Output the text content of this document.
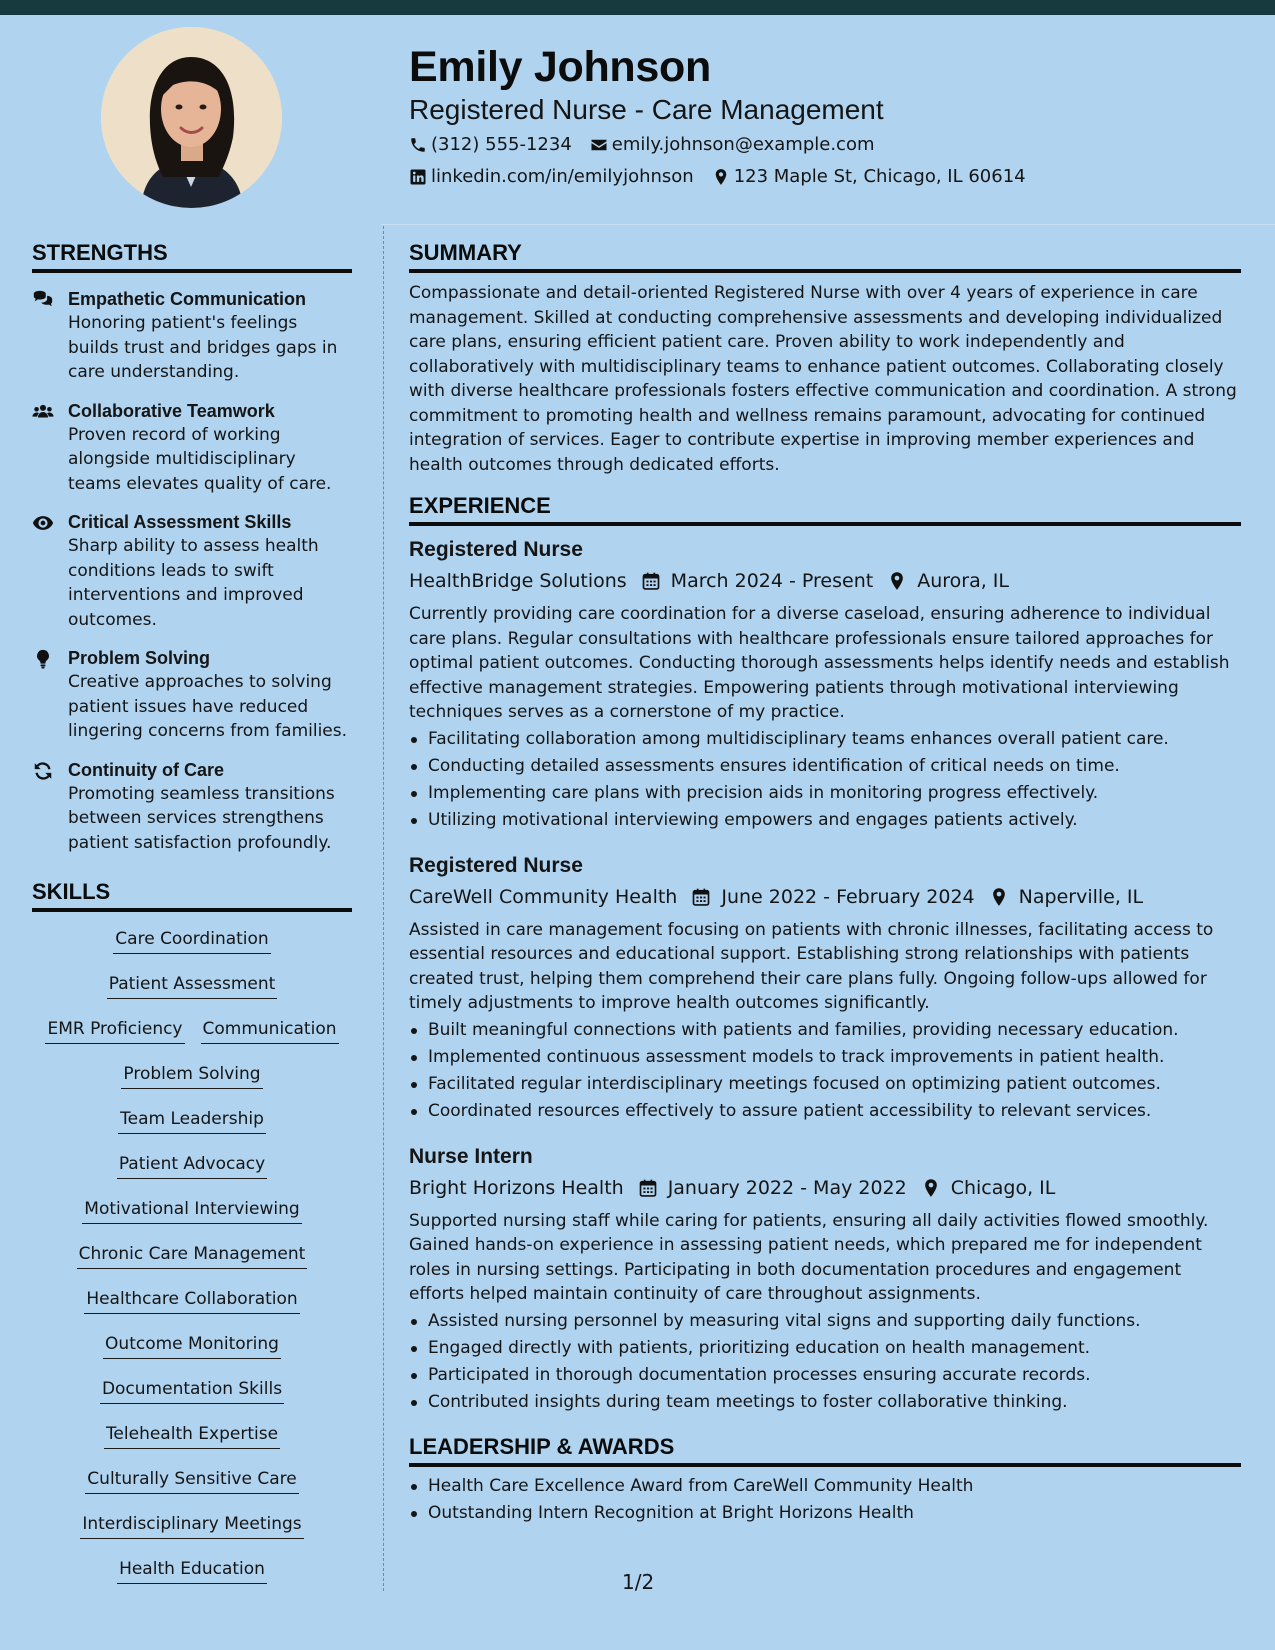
Emily Johnson
Registered Nurse - Care Management
(312) 555-1234 emily.johnson@example.com
linkedin.com/in/emilyjohnson 123 Maple St, Chicago, IL 60614
STRENGTHS
Empathetic Communication
Honoring patient's feelings builds trust and bridges gaps in care understanding.
Collaborative Teamwork
Proven record of working alongside multidisciplinary teams elevates quality of care.
Critical Assessment Skills
Sharp ability to assess health conditions leads to swift interventions and improved outcomes.
Problem Solving
Creative approaches to solving patient issues have reduced lingering concerns from families.
Continuity of Care
Promoting seamless transitions between services strengthens patient satisfaction profoundly.
SKILLS
Care Coordination
Patient Assessment
EMR Proficiency Communication
Problem Solving
Team Leadership
Patient Advocacy
Motivational Interviewing
Chronic Care Management
Healthcare Collaboration
Outcome Monitoring
Documentation Skills
Telehealth Expertise
Culturally Sensitive Care
Interdisciplinary Meetings
Health Education
SUMMARY
Compassionate and detail-oriented Registered Nurse with over 4 years of experience in care management. Skilled at conducting comprehensive assessments and developing individualized care plans, ensuring efficient patient care. Proven ability to work independently and collaboratively with multidisciplinary teams to enhance patient outcomes. Collaborating closely with diverse healthcare professionals fosters effective communication and coordination. A strong commitment to promoting health and wellness remains paramount, advocating for continued integration of services. Eager to contribute expertise in improving member experiences and health outcomes through dedicated efforts.
EXPERIENCE
Registered Nurse
HealthBridge Solutions March 2024 - Present Aurora, IL
Currently providing care coordination for a diverse caseload, ensuring adherence to individual care plans. Regular consultations with healthcare professionals ensure tailored approaches for optimal patient outcomes. Conducting thorough assessments helps identify needs and establish effective management strategies. Empowering patients through motivational interviewing techniques serves as a cornerstone of my practice.
Facilitating collaboration among multidisciplinary teams enhances overall patient care.
Conducting detailed assessments ensures identification of critical needs on time.
Implementing care plans with precision aids in monitoring progress effectively.
Utilizing motivational interviewing empowers and engages patients actively.
Registered Nurse
CareWell Community Health June 2022 - February 2024 Naperville, IL
Assisted in care management focusing on patients with chronic illnesses, facilitating access to essential resources and educational support. Establishing strong relationships with patients created trust, helping them comprehend their care plans fully. Ongoing follow-ups allowed for timely adjustments to improve health outcomes significantly.
Built meaningful connections with patients and families, providing necessary education.
Implemented continuous assessment models to track improvements in patient health.
Facilitated regular interdisciplinary meetings focused on optimizing patient outcomes.
Coordinated resources effectively to assure patient accessibility to relevant services.
Nurse Intern
Bright Horizons Health January 2022 - May 2022 Chicago, IL
Supported nursing staff while caring for patients, ensuring all daily activities flowed smoothly. Gained hands-on experience in assessing patient needs, which prepared me for independent roles in nursing settings. Participating in both documentation procedures and engagement efforts helped maintain continuity of care throughout assignments.
Assisted nursing personnel by measuring vital signs and supporting daily functions.
Engaged directly with patients, prioritizing education on health management.
Participated in thorough documentation processes ensuring accurate records.
Contributed insights during team meetings to foster collaborative thinking.
LEADERSHIP & AWARDS
Health Care Excellence Award from CareWell Community Health
Outstanding Intern Recognition at Bright Horizons Health
1/2
